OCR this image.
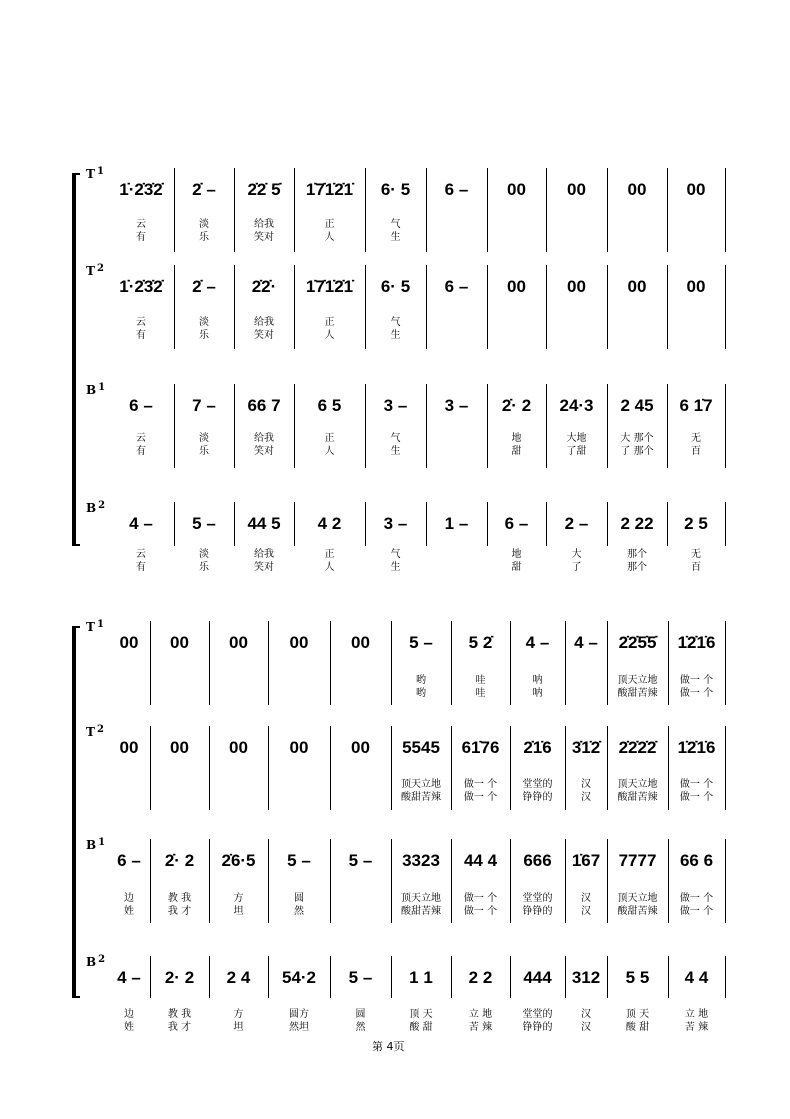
T $_1$
1̇·2̇3̇2̇
云
有
2̇ –
淡
乐
2̇2̇ 5̇
给我
笑对
1̇7̇1̇2̇1̇
正
人
6· 5
气
生
6 – 00 00 00 00
T $_2$
1̇·2̇3̇2̇
云
有
2̇ –
淡
乐
2̇2̇·
给我
笑对
1̇7̇1̇2̇1̇
正
人
6· 5
气
生
6 – 00 00 00 00
B $_1$
6 –
云
有
7 –
淡
乐
66 7
给我
笑对
6 5
正
人
3 –
气
生
3 – 2̇· 2
地
甜
24·3
大地
了甜
2 45
大 那个
了 那个
6 1̇7
无
百
B $_2$
4 –
云
有
5 –
淡
乐
44 5
给我
笑对
4 2
正
人
3 –
气
生
1 – 6 –
地
甜
2 –
大
了
2 22
那个
那个
2 5
无
百
T $_1$
00 00 00 00	00 5 –
哟
哟
5 2̇
哇
哇
4 –
呐
呐
4 – 2̇2̇5̇5̇
顶天立地
酸甜苦辣
1̇2̇1̇6
做一 个
做一 个
T $_2$
00 00 00 00	00 5545
顶天立地
酸甜苦辣
61̇76
做一 个
做一 个
2̇1̇6
堂堂的
铮铮的
3̇1̇2̇
汉
汉
2̇2̇2̇2̇
顶天立地
酸甜苦辣
1̇2̇1̇6
做一 个
做一 个
B $_1$
6 –
边
姓
2̇· 2
教 我
我 才
2̇6·5
方
坦
5 –
圆
然
5 – 3323
顶天立地
酸甜苦辣
44 4
做一 个
做一 个
666
堂堂的
铮铮的
1̇67
汉
汉
7777
顶天立地
酸甜苦辣
66 6
做一 个
做一 个
B $_2$
4 –
边
姓
2· 2
教 我
我 才
2 4
方
坦
54·2
圆方
然坦
5 –
圆
然
1 1
顶 天
酸 甜
2 2
立 地
苦 辣
444
堂堂的
铮铮的
312
汉
汉
5 5
顶 天
酸 甜
4 4
立 地
苦 辣
第 4页
